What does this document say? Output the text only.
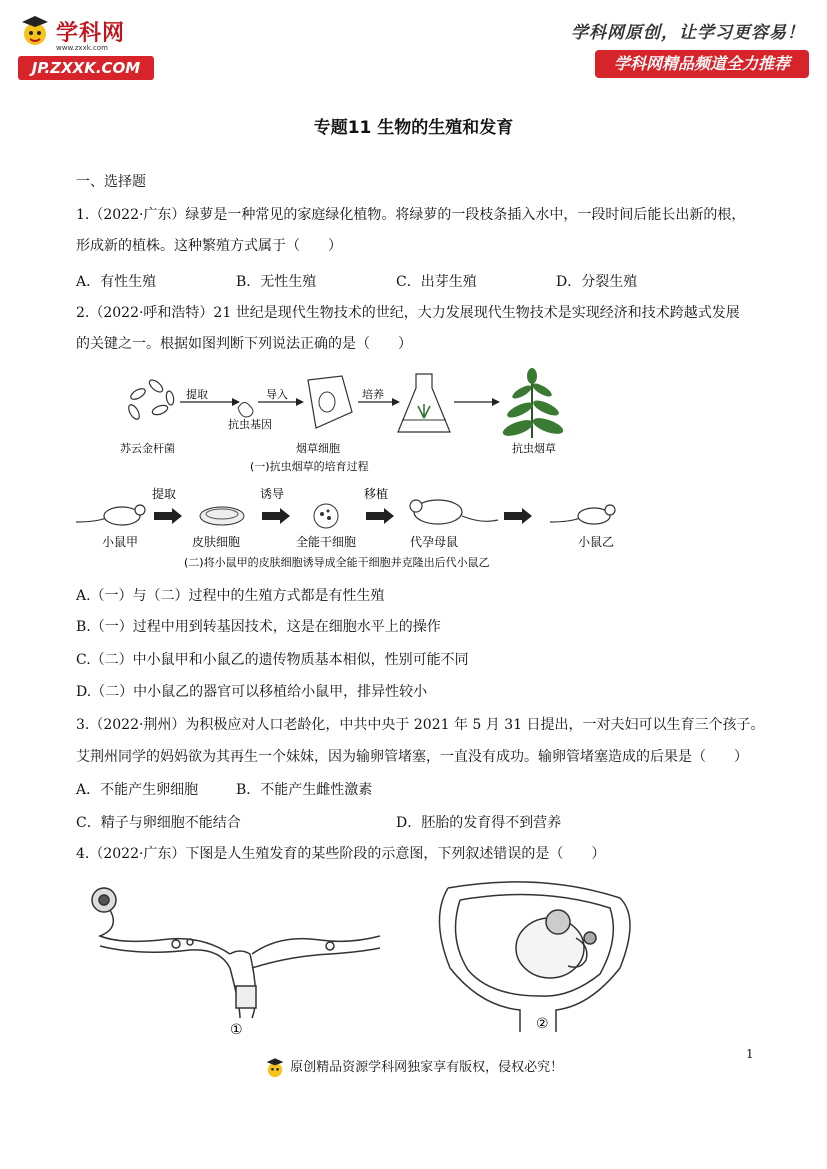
学科网
www.zxxk.com
JP.ZXXK.COM
学科网原创，让学习更容易！
学科网精品频道全力推荐
专题11 生物的生殖和发育
一、选择题
1.（2022·广东）绿萝是一种常见的家庭绿化植物。将绿萝的一段枝条插入水中，一段时间后能长出新的根，
形成新的植株。这种繁殖方式属于（　　）
A．有性生殖	B．无性生殖	C．出芽生殖	D．分裂生殖
2.（2022·呼和浩特）21 世纪是现代生物技术的世纪，大力发展现代生物技术是实现经济和技术跨越式发展
的关键之一。根据如图判断下列说法正确的是（　　）
提取
抗虫基因
导入	培养
苏云金杆菌	烟草细胞	抗虫烟草
(一)抗虫烟草的培育过程
提取	诱导	移植
小鼠甲	皮肤细胞	全能干细胞	代孕母鼠	小鼠乙
(二)将小鼠甲的皮肤细胞诱导成全能干细胞并克隆出后代小鼠乙
A.（一）与（二）过程中的生殖方式都是有性生殖
B.（一）过程中用到转基因技术，这是在细胞水平上的操作
C.（二）中小鼠甲和小鼠乙的遗传物质基本相似，性别可能不同
D.（二）中小鼠乙的器官可以移植给小鼠甲，排异性较小
3.（2022·荆州）为积极应对人口老龄化，中共中央于 2021 年 5 月 31 日提出，一对夫妇可以生育三个孩子。
艾荆州同学的妈妈欲为其再生一个妹妹，因为输卵管堵塞，一直没有成功。输卵管堵塞造成的后果是（　　）
A．不能产生卵细胞	B．不能产生雌性激素
C．精子与卵细胞不能结合	D．胚胎的发育得不到营养
4.（2022·广东）下图是人生殖发育的某些阶段的示意图，下列叙述错误的是（　　）
①	②
1
原创精品资源学科网独家享有版权，侵权必究！
